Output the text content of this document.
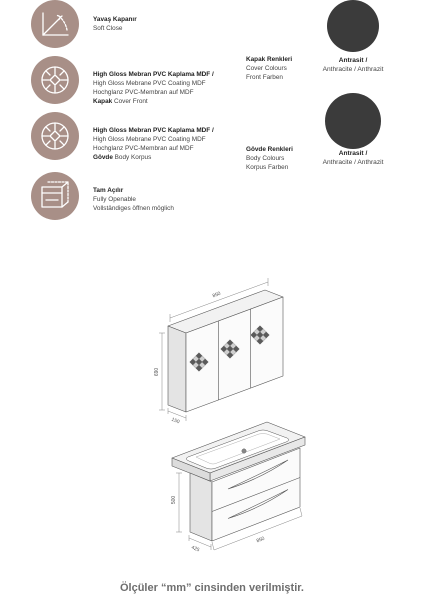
Yavaş Kapanır
Soft Close
High Gloss Mebran PVC Kaplama MDF /
High Gloss Mebrane PVC Coating MDF
Hochglanz PVC-Membran auf MDF
Kapak Cover Front
High Gloss Mebran PVC Kaplama MDF /
High Gloss Mebrane PVC Coating MDF
Hochglanz PVC-Membran auf MDF
Gövde Body Korpus
Tam Açılır
Fully Openable
Vollständiges öffnen möglich
Kapak Renkleri
Cover Colours
Front Farben
Gövde Renkleri
Body Colours
Korpus Farben
Antrasit /
Anthracite / Anthrazit
Antrasit /
Anthracite / Anthrazit
850
690
150
500
425
850
Ölçüler “mm” cinsinden verilmiştir.
